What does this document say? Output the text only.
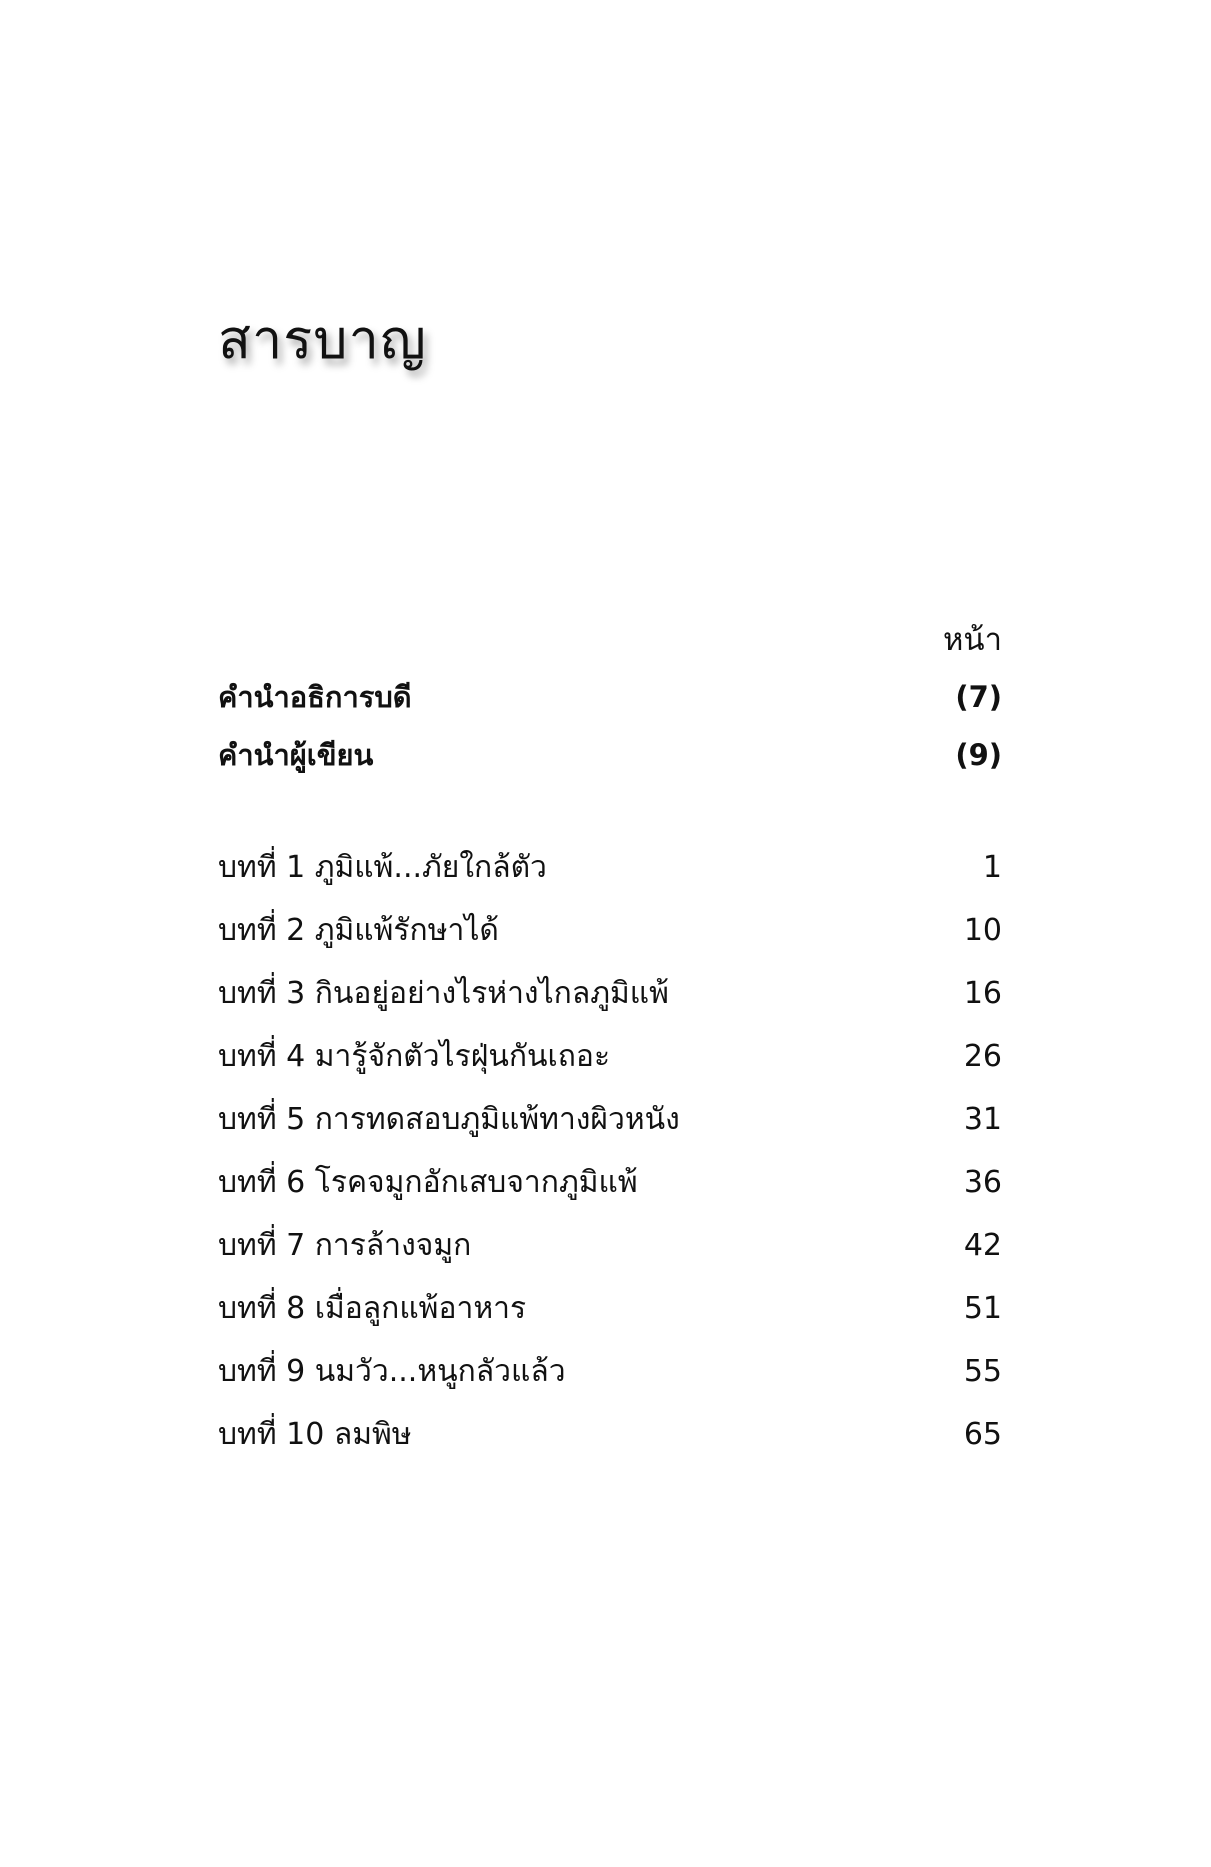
สารบาญ
หน้า
คำนำอธิการบดี	(7)
คำนำผู้เขียน	(9)
บทที่ 1 ภูมิแพ้...ภัยใกล้ตัว	1
บทที่ 2 ภูมิแพ้รักษาได้	10
บทที่ 3 กินอยู่อย่างไรห่างไกลภูมิแพ้	16
บทที่ 4 มารู้จักตัวไรฝุ่นกันเถอะ	26
บทที่ 5 การทดสอบภูมิแพ้ทางผิวหนัง	31
บทที่ 6 โรคจมูกอักเสบจากภูมิแพ้	36
บทที่ 7 การล้างจมูก	42
บทที่ 8 เมื่อลูกแพ้อาหาร	51
บทที่ 9 นมวัว...หนูกลัวแล้ว	55
บทที่ 10 ลมพิษ	65
